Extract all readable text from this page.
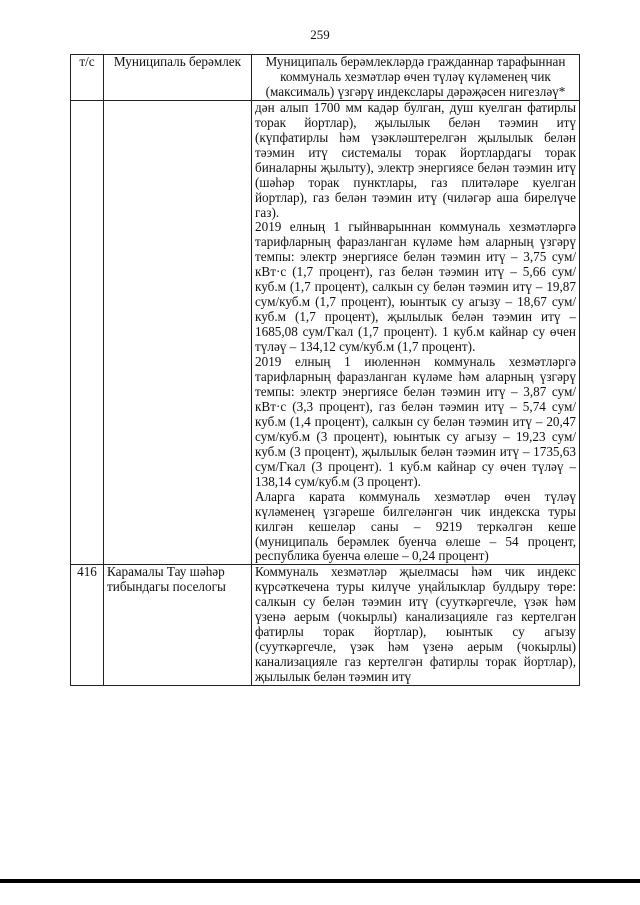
259
т/с	Муниципаль берәмлек	Муниципаль берәмлекләрдә гражданнар тарафыннан коммуналь хезмәтләр өчен түләү күләменең чик (максималь) үзгәрү индекслары дәрәҗәсен нигезләү*

		дән алып 1700 мм кадәр булган, душ куелган фатирлы торак йортлар), җылылык белән тәэмин итү (күпфатирлы һәм үзәкләштерелгән җылылык белән тәэмин итү системалы торак йортлардагы торак биналарны җылыту), электр энергиясе белән тәэмин итү (шәһәр торак пунктлары, газ плитәләре куелган йортлар), газ белән тәэмин итү (чиләгәр аша бирелүче газ).

2019 елның 1 гыйнварыннан коммуналь хезмәтләргә тарифларның фаразланган күләме һәм аларның үзгәрү темпы: электр энергиясе белән тәэмин итү – 3,75 сум/кВт·с (1,7 процент), газ белән тәэмин итү – 5,66 сум/куб.м (1,7 процент), салкын су белән тәэмин итү – 19,87 сум/куб.м (1,7 процент), юынтык су агызу – 18,67 сум/куб.м (1,7 процент), җылылык белән тәэмин итү – 1685,08 сум/Гкал (1,7 процент). 1 куб.м кайнар су өчен түләү – 134,12 сум/куб.м (1,7 процент).

2019 елның 1 июленнән коммуналь хезмәтләргә тарифларның фаразланган күләме һәм аларның үзгәрү темпы: электр энергиясе белән тәэмин итү – 3,87 сум/кВт·с (3,3 процент), газ белән тәэмин итү – 5,74 сум/куб.м (1,4 процент), салкын су белән тәэмин итү – 20,47 сум/куб.м (3 процент), юынтык су агызу – 19,23 сум/куб.м (3 процент), җылылык белән тәэмин итү – 1735,63 сум/Гкал (3 процент). 1 куб.м кайнар су өчен түләү – 138,14 сум/куб.м (3 процент).

Аларга карата коммуналь хезмәтләр өчен түләү күләменең үзгәреше билгеләнгән чик индекска туры килгән кешеләр саны – 9219 теркәлгән кеше (муниципаль берәмлек буенча өлеше – 54 процент, республика буенча өлеше – 0,24 процент)

416	Карамалы Тау шәһәр тибындагы поселогы	Коммуналь хезмәтләр җыелмасы һәм чик индекс күрсәткечена туры килүче уңайлыклар булдыру төре: салкын су белән тәэмин итү (сууткәргечле, үзәк һәм үзенә аерым (чокырлы) канализацияле газ кертелгән фатирлы торак йортлар), юынтык су агызу (сууткәргечле, үзәк һәм үзенә аерым (чокырлы) канализацияле газ кертелгән фатирлы торак йортлар), җылылык белән тәэмин итү
